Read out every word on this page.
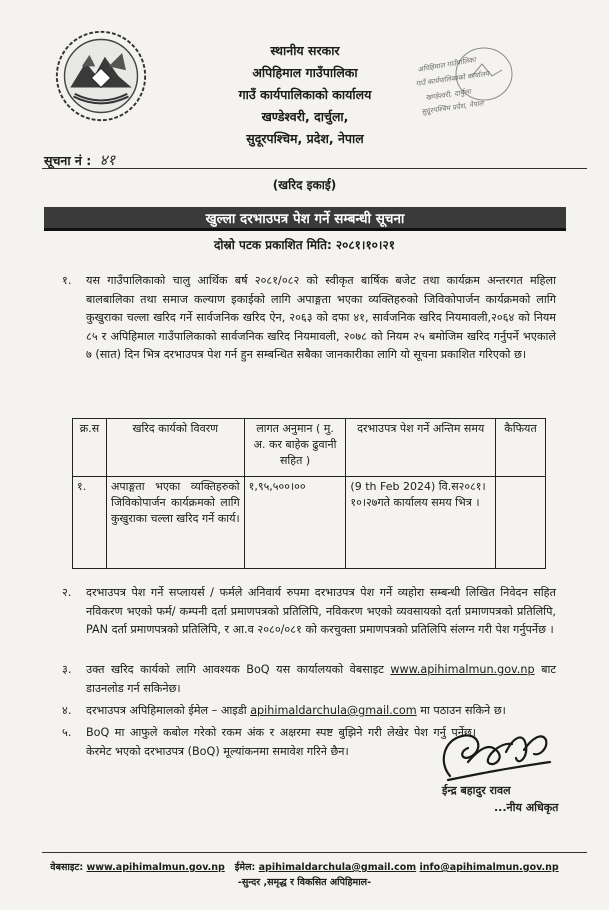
स्थानीय सरकार
अपिहिमाल गाउँपालिका
गाउँ कार्यपालिकाको कार्यालय
खण्डेश्वरी, दार्चुला,
सुदूरपश्चिम, प्रदेश, नेपाल
अपिहिमाल गाउँपालिका
गाउँ कार्यपालिकाको कार्यालय
खण्डेश्वरी, दार्चुला
सुदूरपश्चिम प्रदेश, नेपाल
सूचना नं : ४१
(खरिद इकाई)
खुल्ला दरभाउपत्र पेश गर्ने सम्बन्धी सूचना
दोस्रो पटक प्रकाशित मिति: २०८१।१०।२१
१. यस गाउँपालिकाको चालु आर्थिक बर्ष २०८१/०८२ को स्वीकृत बार्षिक बजेट तथा कार्यक्रम अन्तरगत महिला बालबालिका तथा समाज कल्याण इकाईको लागि अपाङ्गता भएका व्यक्तिहरुको जिविकोपार्जन कार्यक्रमको लागि कुखुराका चल्ला खरिद गर्ने सार्वजनिक खरिद ऐन, २०६३ को दफा ४१, सार्वजनिक खरिद नियमावली,२०६४ को नियम ८५ र अपिहिमाल गाउँपालिकाको सार्वजनिक खरिद नियमावली, २०७८ को नियम २५ बमोजिम खरिद गर्नुपर्ने भएकाले ७ (सात) दिन भित्र दरभाउपत्र पेश गर्न हुन सम्बन्धित सबैका जानकारीका लागि यो सूचना प्रकाशित गरिएको छ।
क्र.स	खरिद कार्यको विवरण	लागत अनुमान ( मु. अ. कर बाहेक ढुवानी सहित )	दरभाउपत्र पेश गर्ने अन्तिम समय	कैफियत
१.	अपाङ्गता भएका व्यक्तिहरुको जिविकोपार्जन कार्यक्रमको लागि कुखुराका चल्ला खरिद गर्ने कार्य।	१,९५,५००।००	(9 th Feb 2024) वि.स२०८१।१०।२७गते कार्यालय समय भित्र ।	
२. दरभाउपत्र पेश गर्ने सप्लायर्स / फर्मले अनिवार्य रुपमा दरभाउपत्र पेश गर्ने व्यहोरा सम्बन्धी लिखित निवेदन सहित नविकरण भएको फर्म/ कम्पनी दर्ता प्रमाणपत्रको प्रतिलिपि, नविकरण भएको व्यवसायको दर्ता प्रमाणपत्रको प्रतिलिपि, PAN दर्ता प्रमाणपत्रको प्रतिलिपि, र आ.व २०८०/०८१ को करचुक्ता प्रमाणपत्रको प्रतिलिपि संलग्न गरी पेश गर्नुपर्नेछ ।
३. उक्त खरिद कार्यको लागि आवश्यक BoQ यस कार्यालयको वेबसाइट www.apihimalmun.gov.np बाट डाउनलोड गर्न सकिनेछ।
४. दरभाउपत्र अपिहिमालको ईमेल – आइडी apihimaldarchula@gmail.com मा पठाउन सकिने छ।
५. BoQ मा आफुले कबोल गरेको रकम अंक र अक्षरमा स्पष्ट बुझिने गरी लेखेर पेश गर्नु पर्नेछ। केरमेट भएको दरभाउपत्र (BoQ) मूल्यांकनमा समावेश गरिने छैन।
ईन्द्र बहादुर रावल
...नीय अधिकृत
वेबसाइट: www.apihimalmun.gov.np ईमेल: apihimaldarchula@gmail.com info@apihimalmun.gov.np
-सुन्दर ,समृद्ध र विकसित अपिहिमाल-
